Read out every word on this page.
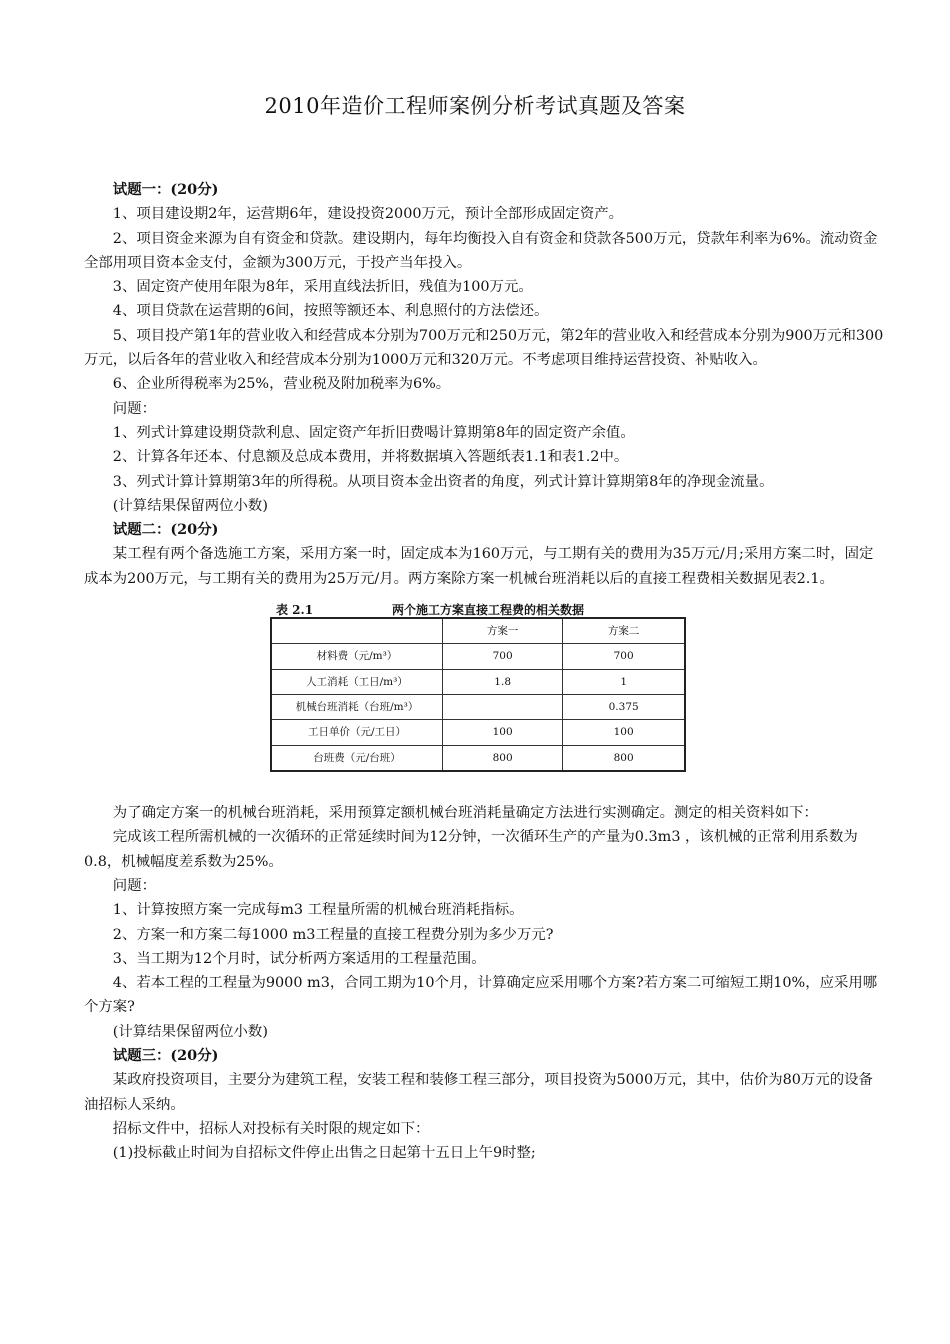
2010年造价工程师案例分析考试真题及答案

试题一：(20分)

1、项目建设期2年，运营期6年，建设投资2000万元，预计全部形成固定资产。

2、项目资金来源为自有资金和贷款。建设期内，每年均衡投入自有资金和贷款各500万元，贷款年利率为6%。流动资金全部用项目资本金支付，金额为300万元，于投产当年投入。

3、固定资产使用年限为8年，采用直线法折旧，残值为100万元。

4、项目贷款在运营期的6间，按照等额还本、利息照付的方法偿还。

5、项目投产第1年的营业收入和经营成本分别为700万元和250万元，第2年的营业收入和经营成本分别为900万元和300万元，以后各年的营业收入和经营成本分别为1000万元和320万元。不考虑项目维持运营投资、补贴收入。

6、企业所得税率为25%，营业税及附加税率为6%。

问题：

1、列式计算建设期贷款利息、固定资产年折旧费喝计算期第8年的固定资产余值。

2、计算各年还本、付息额及总成本费用，并将数据填入答题纸表1.1和表1.2中。

3、列式计算计算期第3年的所得税。从项目资本金出资者的角度，列式计算计算期第8年的净现金流量。

(计算结果保留两位小数)

试题二：(20分)

某工程有两个备选施工方案，采用方案一时，固定成本为160万元，与工期有关的费用为35万元/月;采用方案二时，固定成本为200万元，与工期有关的费用为25万元/月。两方案除方案一机械台班消耗以后的直接工程费相关数据见表2.1。

表 2.1	两个施工方案直接工程费的相关数据
	方案一	方案二
材料费（元/m³）	700	700
人工消耗（工日/m³）	1.8	1
机械台班消耗（台班/m³）		0.375
工日单价（元/工日）	100	100
台班费（元/台班）	800	800

为了确定方案一的机械台班消耗，采用预算定额机械台班消耗量确定方法进行实测确定。测定的相关资料如下：

完成该工程所需机械的一次循环的正常延续时间为12分钟，一次循环生产的产量为0.3m3 ，该机械的正常利用系数为0.8，机械幅度差系数为25%。

问题：

1、计算按照方案一完成每m3 工程量所需的机械台班消耗指标。

2、方案一和方案二每1000 m3工程量的直接工程费分别为多少万元?

3、当工期为12个月时，试分析两方案适用的工程量范围。

4、若本工程的工程量为9000 m3，合同工期为10个月，计算确定应采用哪个方案?若方案二可缩短工期10%，应采用哪个方案?

(计算结果保留两位小数)

试题三：(20分)

某政府投资项目，主要分为建筑工程，安装工程和装修工程三部分，项目投资为5000万元，其中，估价为80万元的设备油招标人采纳。

招标文件中，招标人对投标有关时限的规定如下：

(1)投标截止时间为自招标文件停止出售之日起第十五日上午9时整;
